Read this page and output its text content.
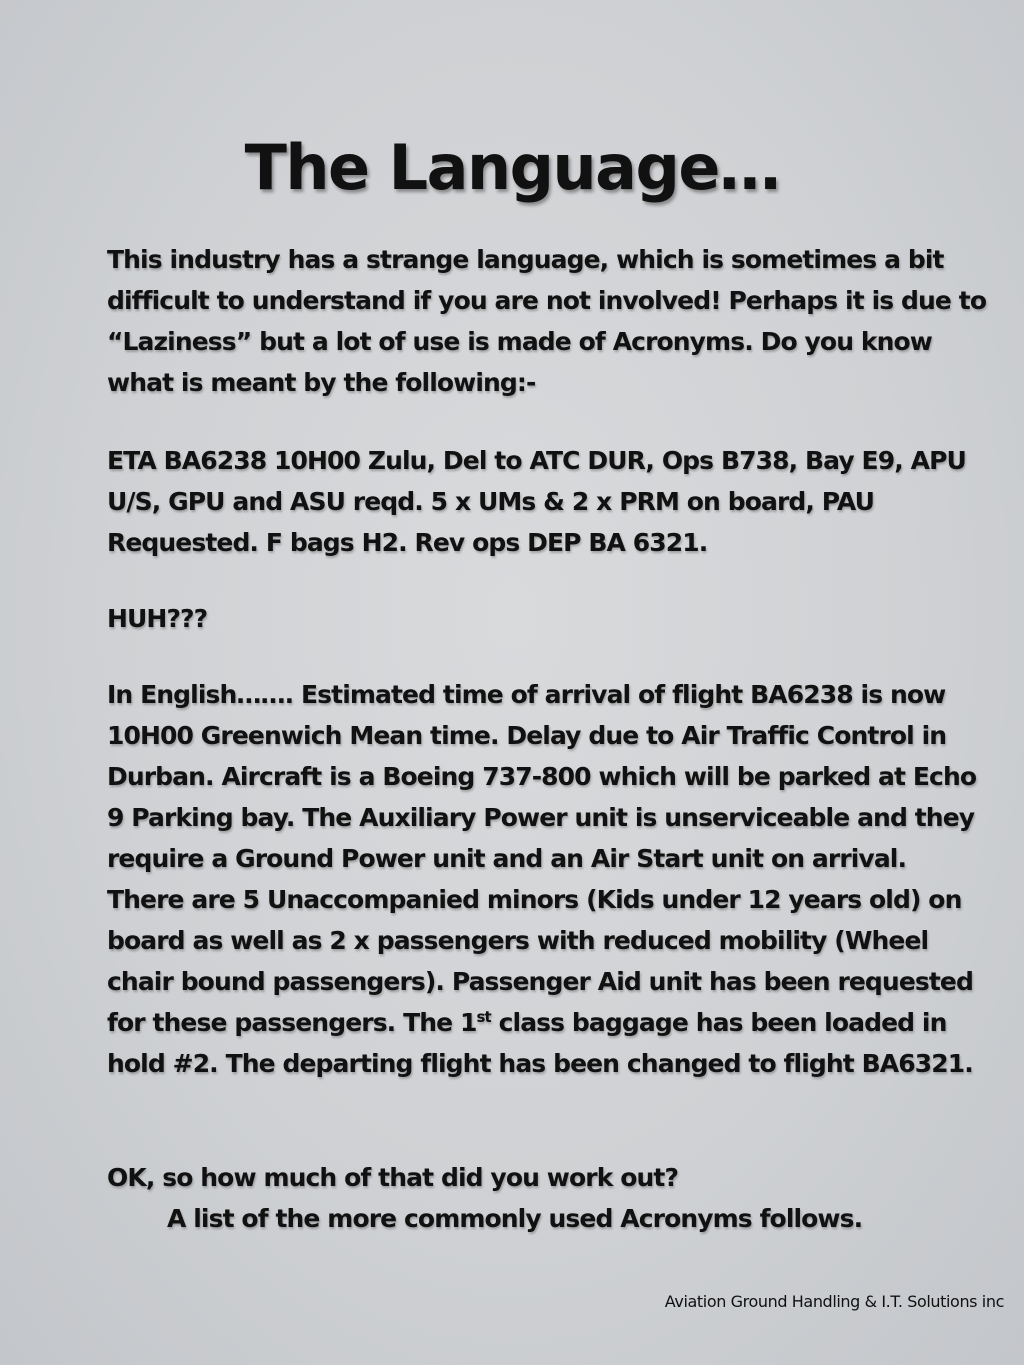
The Language…

This industry has a strange language, which is sometimes a bit difficult to understand if you are not involved! Perhaps it is due to “Laziness” but a lot of use is made of Acronyms. Do you know what is meant by the following:-

ETA BA6238 10H00 Zulu, Del to ATC DUR, Ops B738, Bay E9, APU U/S, GPU and ASU reqd. 5 x UMs & 2 x PRM on board, PAU Requested. F bags H2. Rev ops DEP BA 6321.

HUH???

In English……. Estimated time of arrival of flight BA6238 is now 10H00 Greenwich Mean time. Delay due to Air Traffic Control in Durban. Aircraft is a Boeing 737-800 which will be parked at Echo 9 Parking bay. The Auxiliary Power unit is unserviceable and they require a Ground Power unit and an Air Start unit on arrival. There are 5 Unaccompanied minors (Kids under 12 years old) on board as well as 2 x passengers with reduced mobility (Wheel chair bound passengers). Passenger Aid unit has been requested for these passengers. The 1st class baggage has been loaded in hold #2. The departing flight has been changed to flight BA6321.

OK, so how much of that did you work out?

A list of the more commonly used Acronyms follows.

Aviation Ground Handling & I.T. Solutions inc
